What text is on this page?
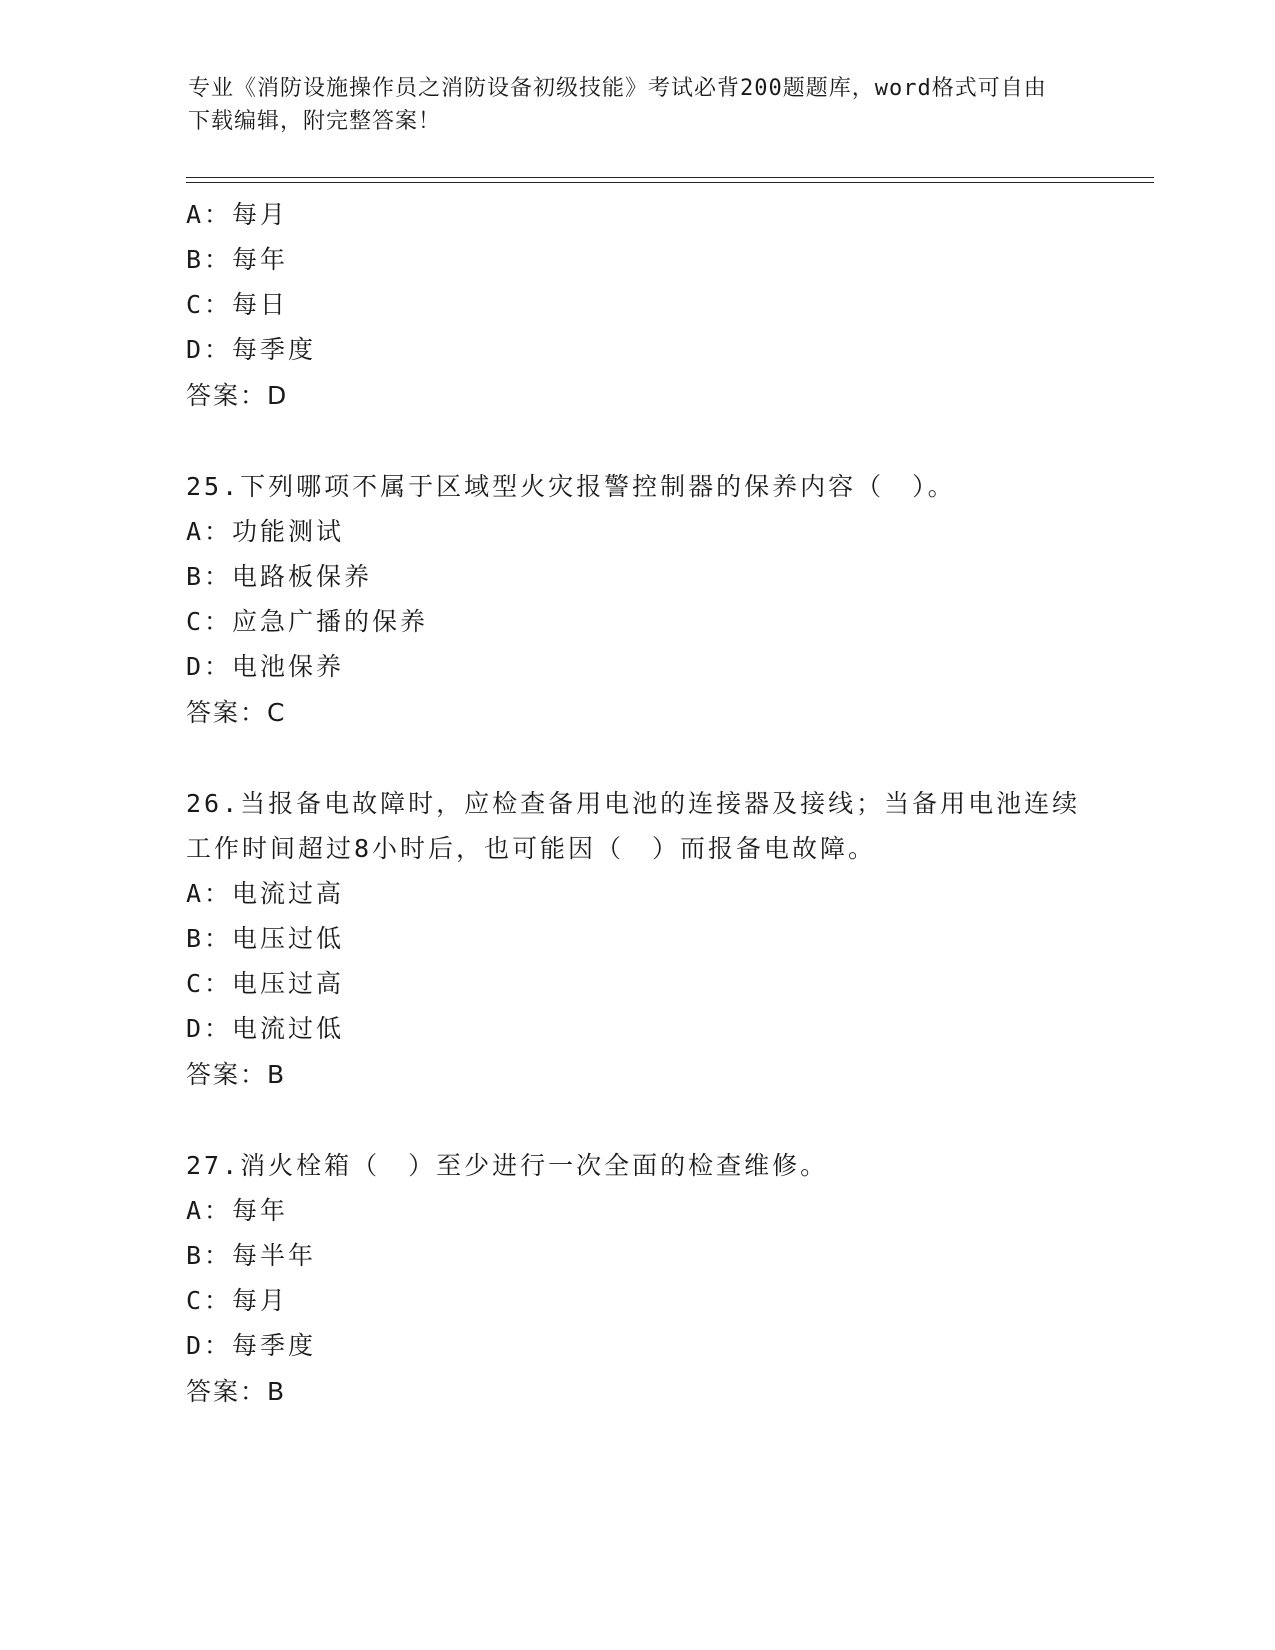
专业《消防设施操作员之消防设备初级技能》考试必背200题题库，word格式可自由下载编辑，附完整答案！
A：每月
B：每年
C：每日
D：每季度
答案：D
25.下列哪项不属于区域型火灾报警控制器的保养内容（　）。
A：功能测试
B：电路板保养
C：应急广播的保养
D：电池保养
答案：C
26.当报备电故障时，应检查备用电池的连接器及接线；当备用电池连续工作时间超过8小时后，也可能因（　）而报备电故障。
A：电流过高
B：电压过低
C：电压过高
D：电流过低
答案：B
27.消火栓箱（　）至少进行一次全面的检查维修。
A：每年
B：每半年
C：每月
D：每季度
答案：B
